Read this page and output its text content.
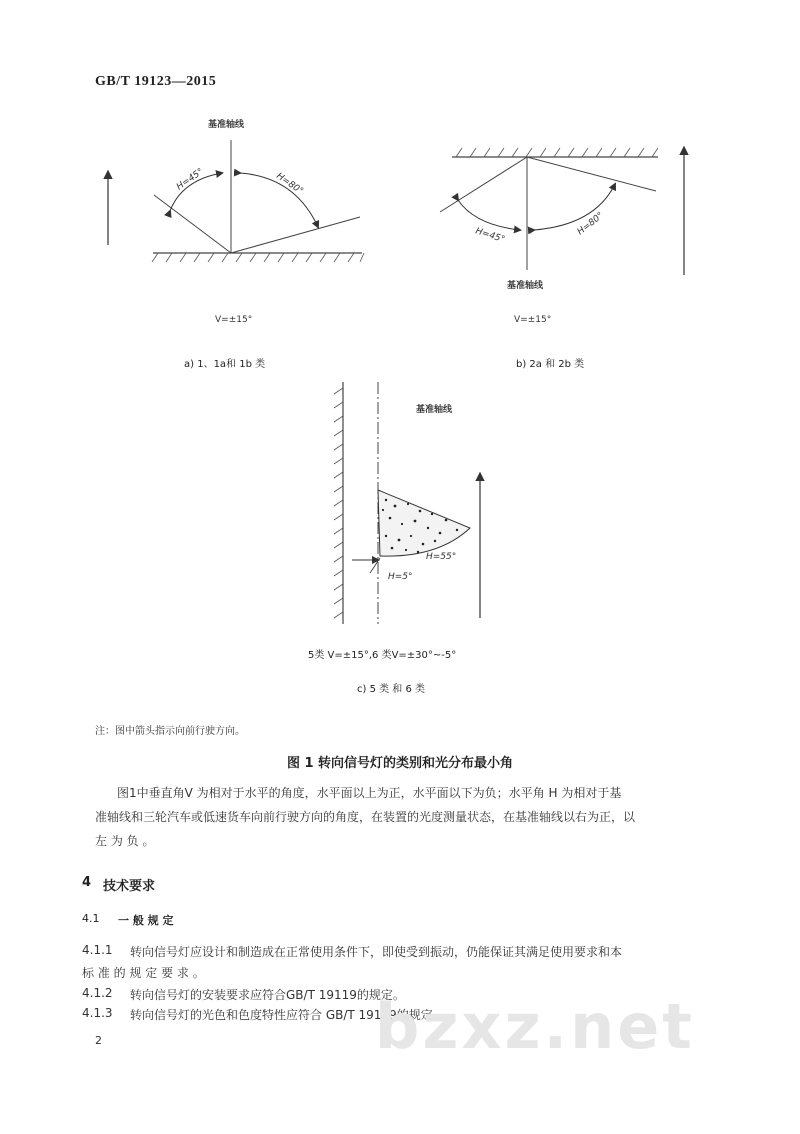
GB/T 19123—2015
H=45°	H=80°
基准轴线
V=±15°
a) 1、1a和 1b 类
H=45°	H=80°
基准轴线
V=±15°
b) 2a 和 2b 类
基准轴线
H=5°
H=55°
5类 V=±15°,6 类V=±30°~-5°
c) 5 类 和 6 类
注：图中箭头指示向前行驶方向。
图 1 转向信号灯的类别和光分布最小角
图1中垂直角V 为相对于水平的角度，水平面以上为正，水平面以下为负；水平角 H 为相对于基
准轴线和三轮汽车或低速货车向前行驶方向的角度，在装置的光度测量状态，在基准轴线以右为正，以
左 为 负 。
4 技术要求
4.1 一 般 规 定
4.1.1 转向信号灯应设计和制造成在正常使用条件下，即使受到振动，仍能保证其满足使用要求和本
标 准 的 规 定 要 求 。
4.1.2 转向信号灯的安装要求应符合GB/T 19119的规定。
4.1.3 转向信号灯的光色和色度特性应符合 GB/T 19119的规定。
2	bzxz.net
